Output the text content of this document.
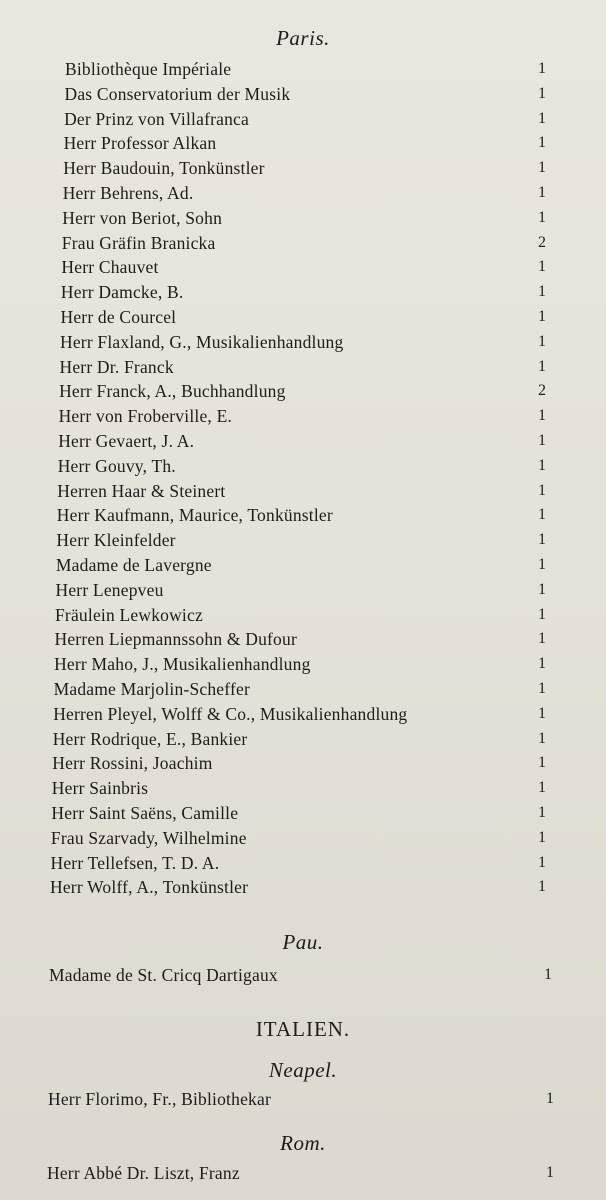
Paris.
Bibliothèque Impériale	1
Das Conservatorium der Musik	1
Der Prinz von Villafranca	1
Herr Professor Alkan	1
Herr Baudouin, Tonkünstler	1
Herr Behrens, Ad.	1
Herr von Beriot, Sohn	1
Frau Gräfin Branicka	2
Herr Chauvet	1
Herr Damcke, B.	1
Herr de Courcel	1
Herr Flaxland, G., Musikalienhandlung	1
Herr Dr. Franck	1
Herr Franck, A., Buchhandlung	2
Herr von Froberville, E.	1
Herr Gevaert, J. A.	1
Herr Gouvy, Th.	1
Herren Haar & Steinert	1
Herr Kaufmann, Maurice, Tonkünstler	1
Herr Kleinfelder	1
Madame de Lavergne	1
Herr Lenepveu	1
Fräulein Lewkowicz	1
Herren Liepmannssohn & Dufour	1
Herr Maho, J., Musikalienhandlung	1
Madame Marjolin-Scheffer	1
Herren Pleyel, Wolff & Co., Musikalienhandlung	1
Herr Rodrique, E., Bankier	1
Herr Rossini, Joachim	1
Herr Sainbris	1
Herr Saint Saëns, Camille	1
Frau Szarvady, Wilhelmine	1
Herr Tellefsen, T. D. A.	1
Herr Wolff, A., Tonkünstler	1
Pau.
Madame de St. Cricq Dartigaux	1
ITALIEN.
Neapel.
Herr Florimo, Fr., Bibliothekar	1
Rom.
Herr Abbé Dr. Liszt, Franz	1
